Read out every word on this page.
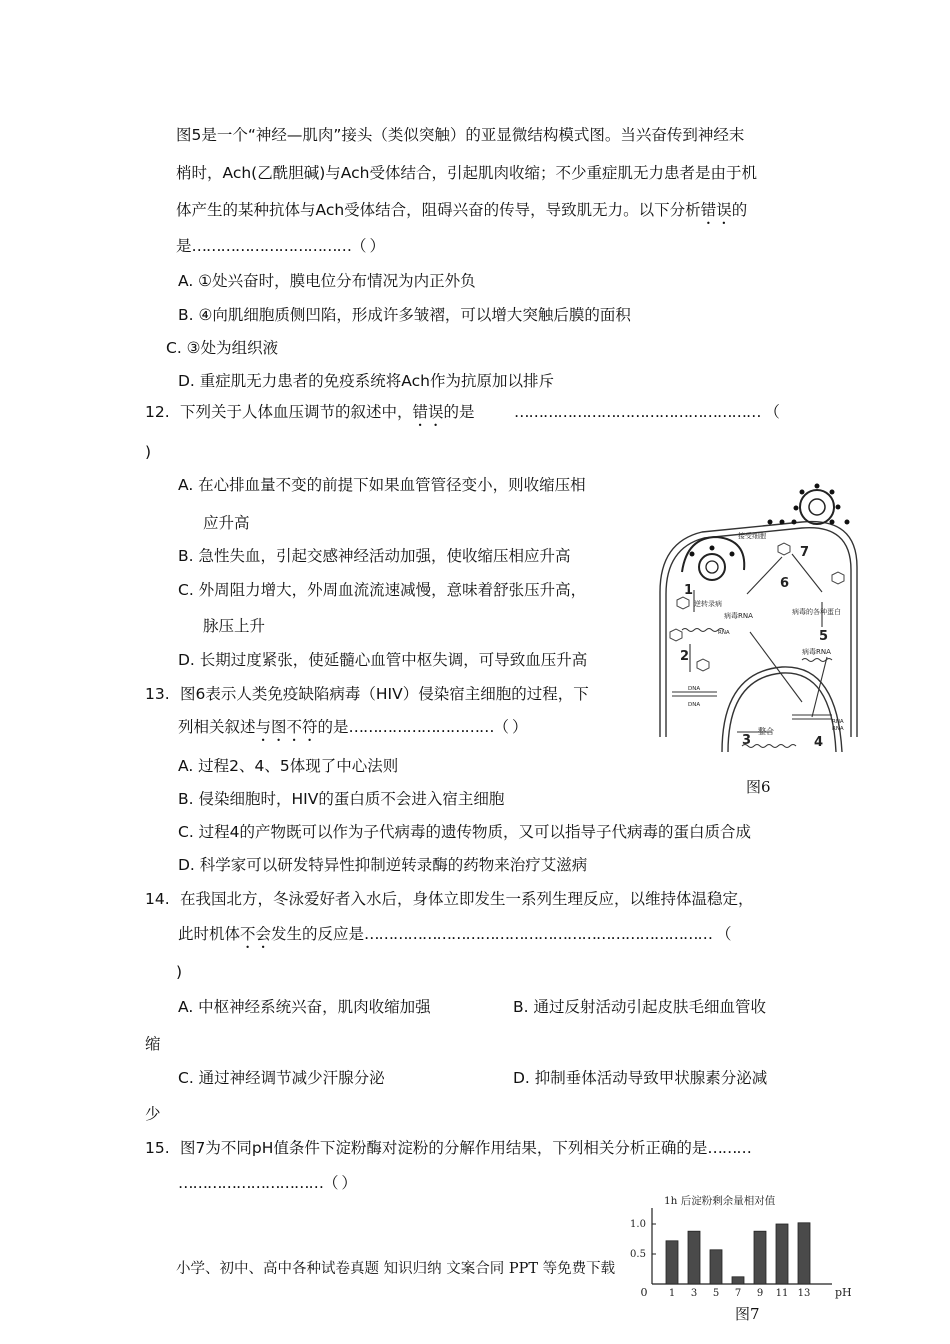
图5是一个“神经—肌肉”接头（类似突触）的亚显微结构模式图。当兴奋传到神经末
梢时，Ach(乙酰胆碱)与Ach受体结合，引起肌肉收缩；不少重症肌无力患者是由于机
体产生的某种抗体与Ach受体结合，阻碍兴奋的传导，导致肌无力。以下分析错误的
是……………………………（ ）
A. ①处兴奋时，膜电位分布情况为内正外负
B. ④向肌细胞质侧凹陷，形成许多皱褶，可以增大突触后膜的面积
C. ③处为组织液
D. 重症肌无力患者的免疫系统将Ach作为抗原加以排斥
12. 下列关于人体血压调节的叙述中，错误的是	…………………………………………… （
)
A. 在心排血量不变的前提下如果血管管径变小，则收缩压相
应升高
B. 急性失血，引起交感神经活动加强，使收缩压相应升高
C. 外周阻力增大，外周血流流速减慢，意味着舒张压升高，
脉压上升
D. 长期过度紧张，使延髓心血管中枢失调，可导致血压升高
13. 图6表示人类免疫缺陷病毒（HIV）侵染宿主细胞的过程，下
列相关叙述与图不符的是…………………………（ ）
A. 过程2、4、5体现了中心法则
B. 侵染细胞时，HIV的蛋白质不会进入宿主细胞
C. 过程4的产物既可以作为子代病毒的遗传物质，又可以指导子代病毒的蛋白质合成
D. 科学家可以研发特异性抑制逆转录酶的药物来治疗艾滋病
14. 在我国北方，冬泳爱好者入水后，身体立即发生一系列生理反应，以维持体温稳定，
此时机体不会发生的反应是……………………………………………………………… （
)
A. 中枢神经系统兴奋，肌肉收缩加强	B. 通过反射活动引起皮肤毛细血管收
缩
C. 通过神经调节减少汗腺分泌	D. 抑制垂体活动导致甲状腺素分泌减
少
15. 图7为不同pH值条件下淀粉酶对淀粉的分解作用结果，下列相关分析正确的是………
…………………………（ ）
接受细胞
逆转录病
病毒RNA	病毒的各种蛋白
病毒RNA
RNA
DNA
DNA
整合
RNA
RNA
1
2
3	4
5
6
7
图6
小学、初中、高中各种试卷真题 知识归纳 文案合同 PPT 等免费下载
1h 后淀粉剩余量相对值
1.0
0.5
0 1 3 5 7 9 11 13 pH
图7
